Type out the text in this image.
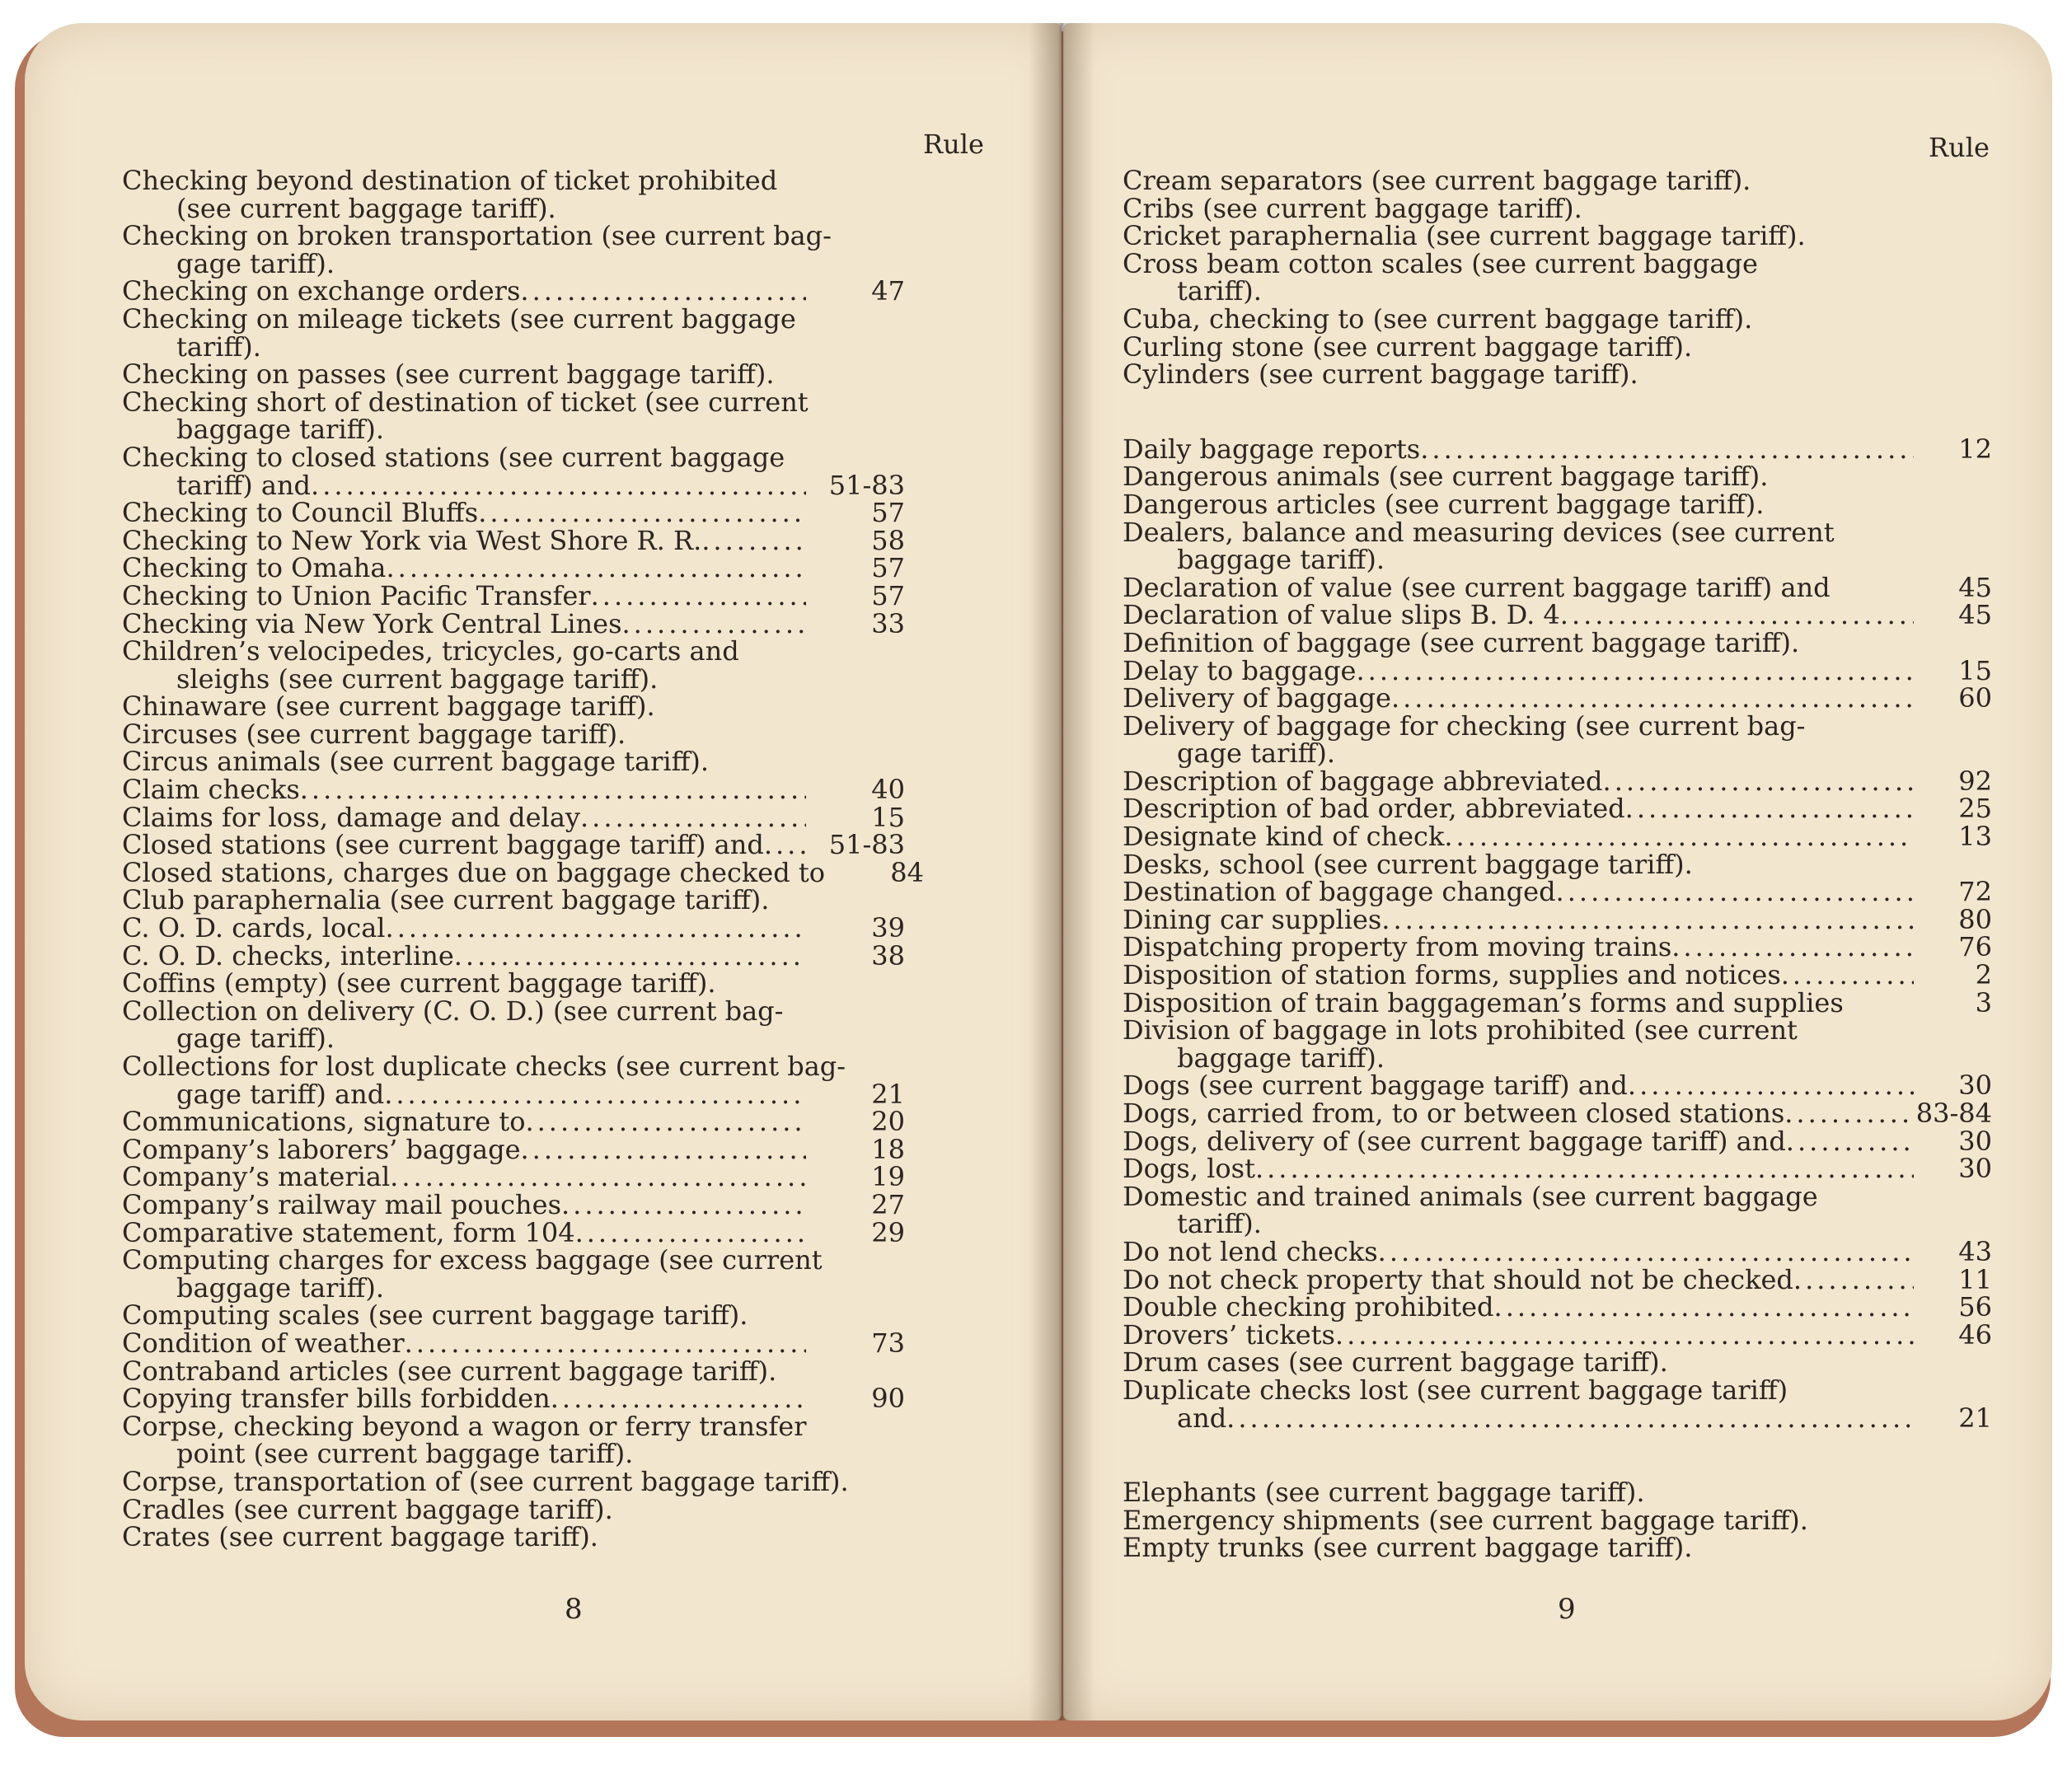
Rule
Checking beyond destination of ticket prohibited
(see current baggage tariff).
Checking on broken transportation (see current bag-
gage tariff).
Checking on exchange orders .....	47
Checking on mileage tickets (see current baggage
tariff).
Checking on passes (see current baggage tariff).
Checking short of destination of ticket (see current
baggage tariff).
Checking to closed stations (see current baggage
tariff) and .....	51-83
Checking to Council Bluffs .....	57
Checking to New York via West Shore R. R. .....	58
Checking to Omaha .....	57
Checking to Union Pacific Transfer .....	57
Checking via New York Central Lines .....	33
Children’s velocipedes, tricycles, go-carts and
sleighs (see current baggage tariff).
Chinaware (see current baggage tariff).
Circuses (see current baggage tariff).
Circus animals (see current baggage tariff).
Claim checks .....	40
Claims for loss, damage and delay .....	15
Closed stations (see current baggage tariff) and .....	51-83
Closed stations, charges due on baggage checked to	84
Club paraphernalia (see current baggage tariff).
C. O. D. cards, local .....	39
C. O. D. checks, interline .....	38
Coffins (empty) (see current baggage tariff).
Collection on delivery (C. O. D.) (see current bag-
gage tariff).
Collections for lost duplicate checks (see current bag-
gage tariff) and .....	21
Communications, signature to .....	20
Company’s laborers’ baggage .....	18
Company’s material .....	19
Company’s railway mail pouches .....	27
Comparative statement, form 104 .....	29
Computing charges for excess baggage (see current
baggage tariff).
Computing scales (see current baggage tariff).
Condition of weather .....	73
Contraband articles (see current baggage tariff).
Copying transfer bills forbidden .....	90
Corpse, checking beyond a wagon or ferry transfer
point (see current baggage tariff).
Corpse, transportation of (see current baggage tariff).
Cradles (see current baggage tariff).
Crates (see current baggage tariff).
8
Rule
Cream separators (see current baggage tariff).
Cribs (see current baggage tariff).
Cricket paraphernalia (see current baggage tariff).
Cross beam cotton scales (see current baggage
tariff).
Cuba, checking to (see current baggage tariff).
Curling stone (see current baggage tariff).
Cylinders (see current baggage tariff).
Daily baggage reports .....	12
Dangerous animals (see current baggage tariff).
Dangerous articles (see current baggage tariff).
Dealers, balance and measuring devices (see current
baggage tariff).
Declaration of value (see current baggage tariff) and	45
Declaration of value slips B. D. 4 .....	45
Definition of baggage (see current baggage tariff).
Delay to baggage .....	15
Delivery of baggage .....	60
Delivery of baggage for checking (see current bag-
gage tariff).
Description of baggage abbreviated .....	92
Description of bad order, abbreviated .....	25
Designate kind of check .....	13
Desks, school (see current baggage tariff).
Destination of baggage changed .....	72
Dining car supplies .....	80
Dispatching property from moving trains .....	76
Disposition of station forms, supplies and notices .....	2
Disposition of train baggageman’s forms and supplies	3
Division of baggage in lots prohibited (see current
baggage tariff).
Dogs (see current baggage tariff) and .....	30
Dogs, carried from, to or between closed stations .....	83-84
Dogs, delivery of (see current baggage tariff) and .....	30
Dogs, lost .....	30
Domestic and trained animals (see current baggage
tariff).
Do not lend checks .....	43
Do not check property that should not be checked .....	11
Double checking prohibited .....	56
Drovers’ tickets .....	46
Drum cases (see current baggage tariff).
Duplicate checks lost (see current baggage tariff)
and .....	21
Elephants (see current baggage tariff).
Emergency shipments (see current baggage tariff).
Empty trunks (see current baggage tariff).
9
